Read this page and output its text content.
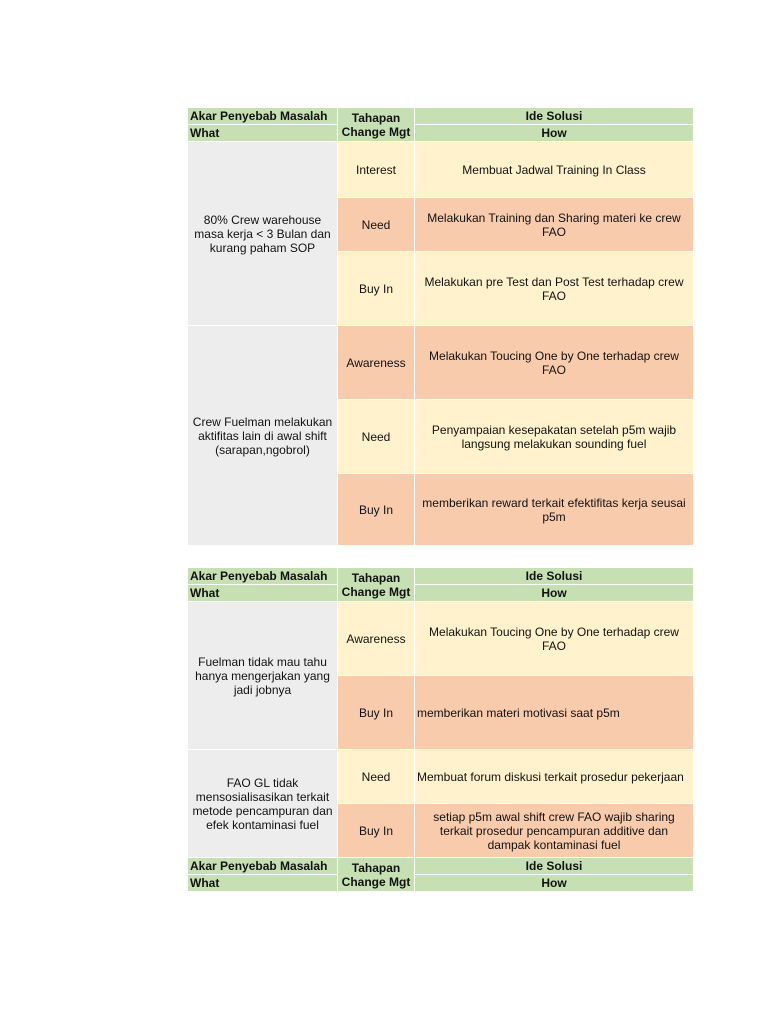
Akar Penyebab Masalah	Tahapan Change Mgt	Ide Solusi
What		How
80% Crew warehouse masa kerja < 3 Bulan dan kurang paham SOP	Interest	Membuat Jadwal Training In Class
	Need	Melakukan Training dan Sharing materi ke crew FAO
	Buy In	Melakukan pre Test dan Post Test terhadap crew FAO
Crew Fuelman melakukan aktifitas lain di awal shift (sarapan,ngobrol)	Awareness	Melakukan Toucing One by One terhadap crew FAO
	Need	Penyampaian kesepakatan setelah p5m wajib langsung melakukan sounding fuel
	Buy In	memberikan reward terkait efektifitas kerja seusai p5m
Akar Penyebab Masalah	Tahapan Change Mgt	Ide Solusi
What		How
Fuelman tidak mau tahu hanya mengerjakan yang jadi jobnya	Awareness	Melakukan Toucing One by One terhadap crew FAO
	Buy In	memberikan materi motivasi saat p5m
FAO GL tidak mensosialisasikan terkait metode pencampuran dan efek kontaminasi fuel	Need	Membuat forum diskusi terkait prosedur pekerjaan
	Buy In	setiap p5m awal shift crew FAO wajib sharing terkait prosedur pencampuran additive dan dampak kontaminasi fuel
Akar Penyebab Masalah	Tahapan Change Mgt	Ide Solusi
What		How
